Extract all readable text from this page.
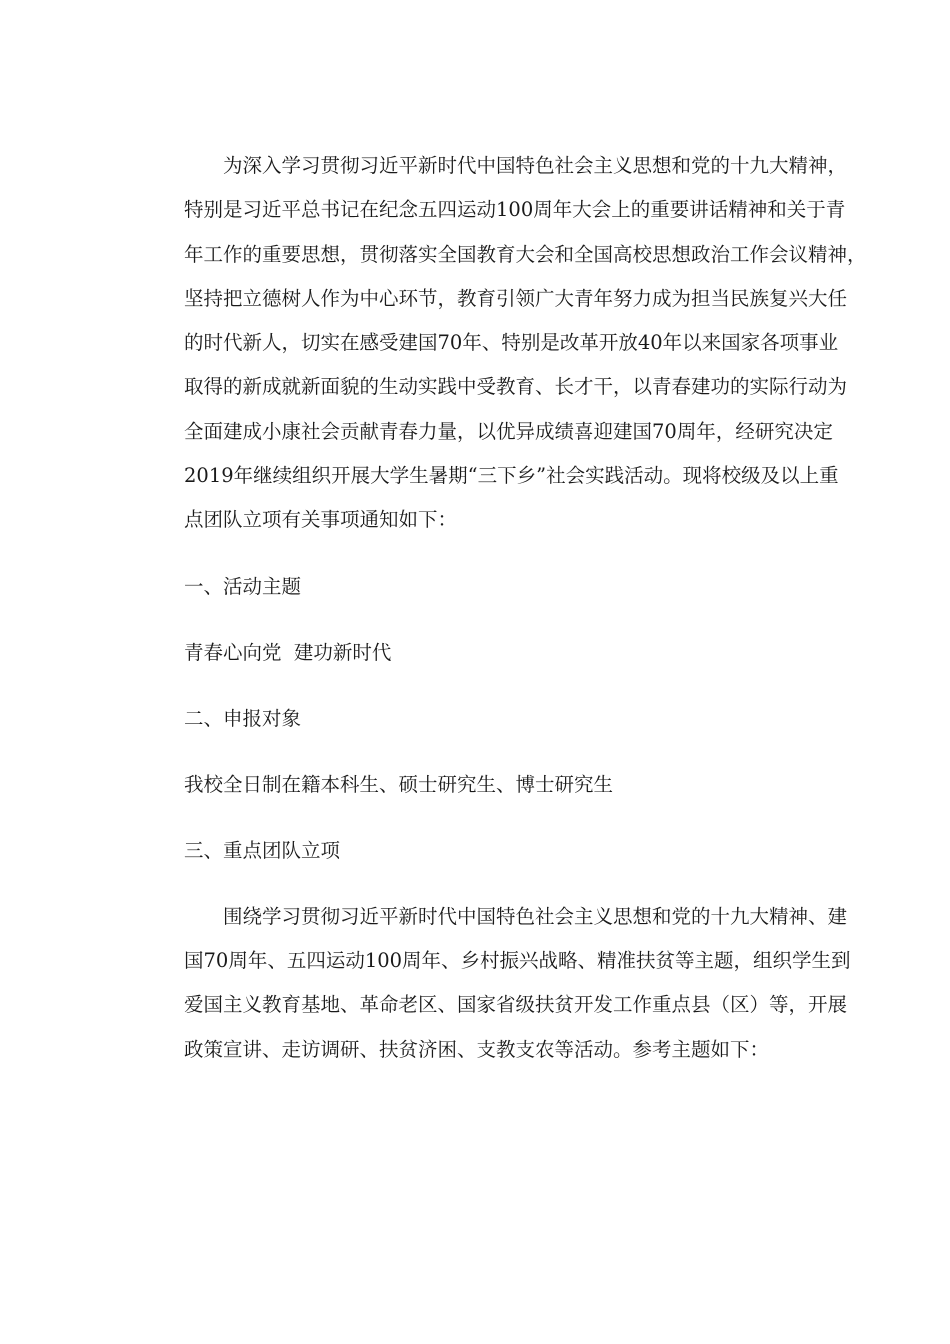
为深入学习贯彻习近平新时代中国特色社会主义思想和党的十九大精神，
特别是习近平总书记在纪念五四运动100周年大会上的重要讲话精神和关于青
年工作的重要思想，贯彻落实全国教育大会和全国高校思想政治工作会议精神，
坚持把立德树人作为中心环节，教育引领广大青年努力成为担当民族复兴大任
的时代新人，切实在感受建国70年、特别是改革开放40年以来国家各项事业
取得的新成就新面貌的生动实践中受教育、长才干，以青春建功的实际行动为
全面建成小康社会贡献青春力量，以优异成绩喜迎建国70周年，经研究决定
2019年继续组织开展大学生暑期“三下乡”社会实践活动。现将校级及以上重
点团队立项有关事项通知如下：

一、活动主题

青春心向党  建功新时代

二、申报对象

我校全日制在籍本科生、硕士研究生、博士研究生

三、重点团队立项

围绕学习贯彻习近平新时代中国特色社会主义思想和党的十九大精神、建
国70周年、五四运动100周年、乡村振兴战略、精准扶贫等主题，组织学生到
爱国主义教育基地、革命老区、国家省级扶贫开发工作重点县（区）等，开展
政策宣讲、走访调研、扶贫济困、支教支农等活动。参考主题如下：
